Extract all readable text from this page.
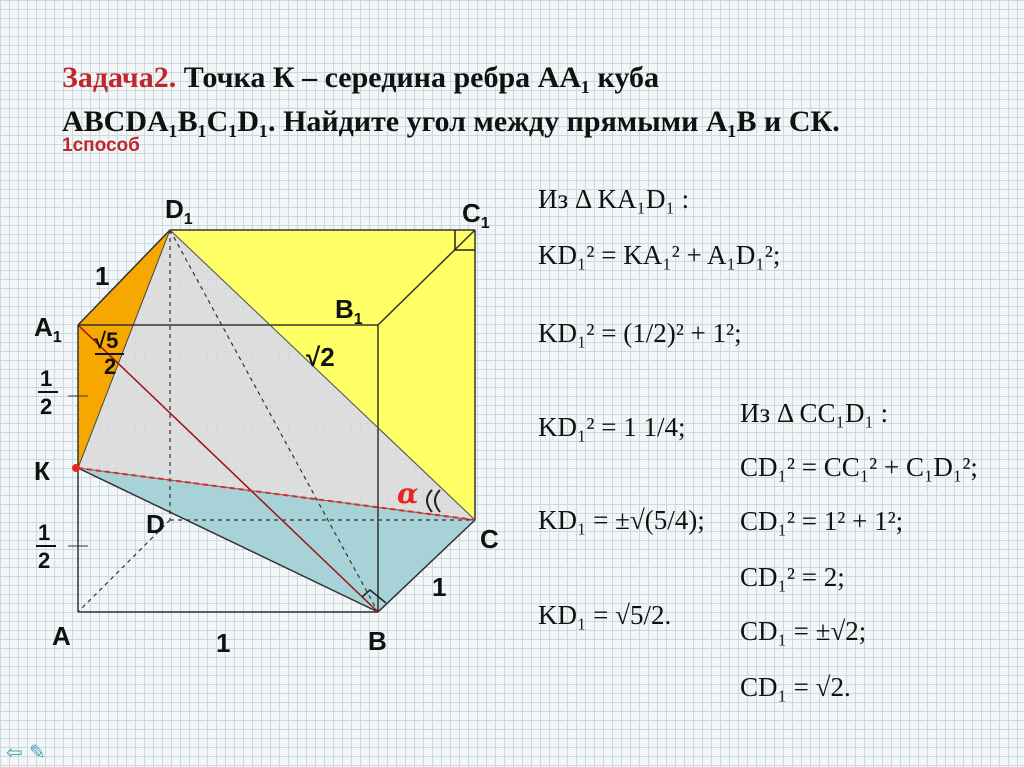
Задача2. Точка К – середина ребра АА₁ куба
ABCDA₁B₁C₁D₁. Найдите угол между прямыми А₁В и СК.
1способ
$D_1$	$C_1$
$B_1$
$A_1$
К
D	C
A	B
1
1
1
1
2
1
2
√5
2	√2
α
Из Δ KA₁D₁ :
KD₁² = KA₁² + A₁D₁²;
KD₁² = (1/2)² + 1²;
KD₁² = 1 1/4;
KD₁ = ±√(5/4);
KD₁ = √5/2.
Из Δ CC₁D₁ :
CD₁² = CC₁² + C₁D₁²;
CD₁² = 1² + 1²;
CD₁² = 2;
CD₁ = ±√2;
CD₁ = √2.
⇦ ✎
